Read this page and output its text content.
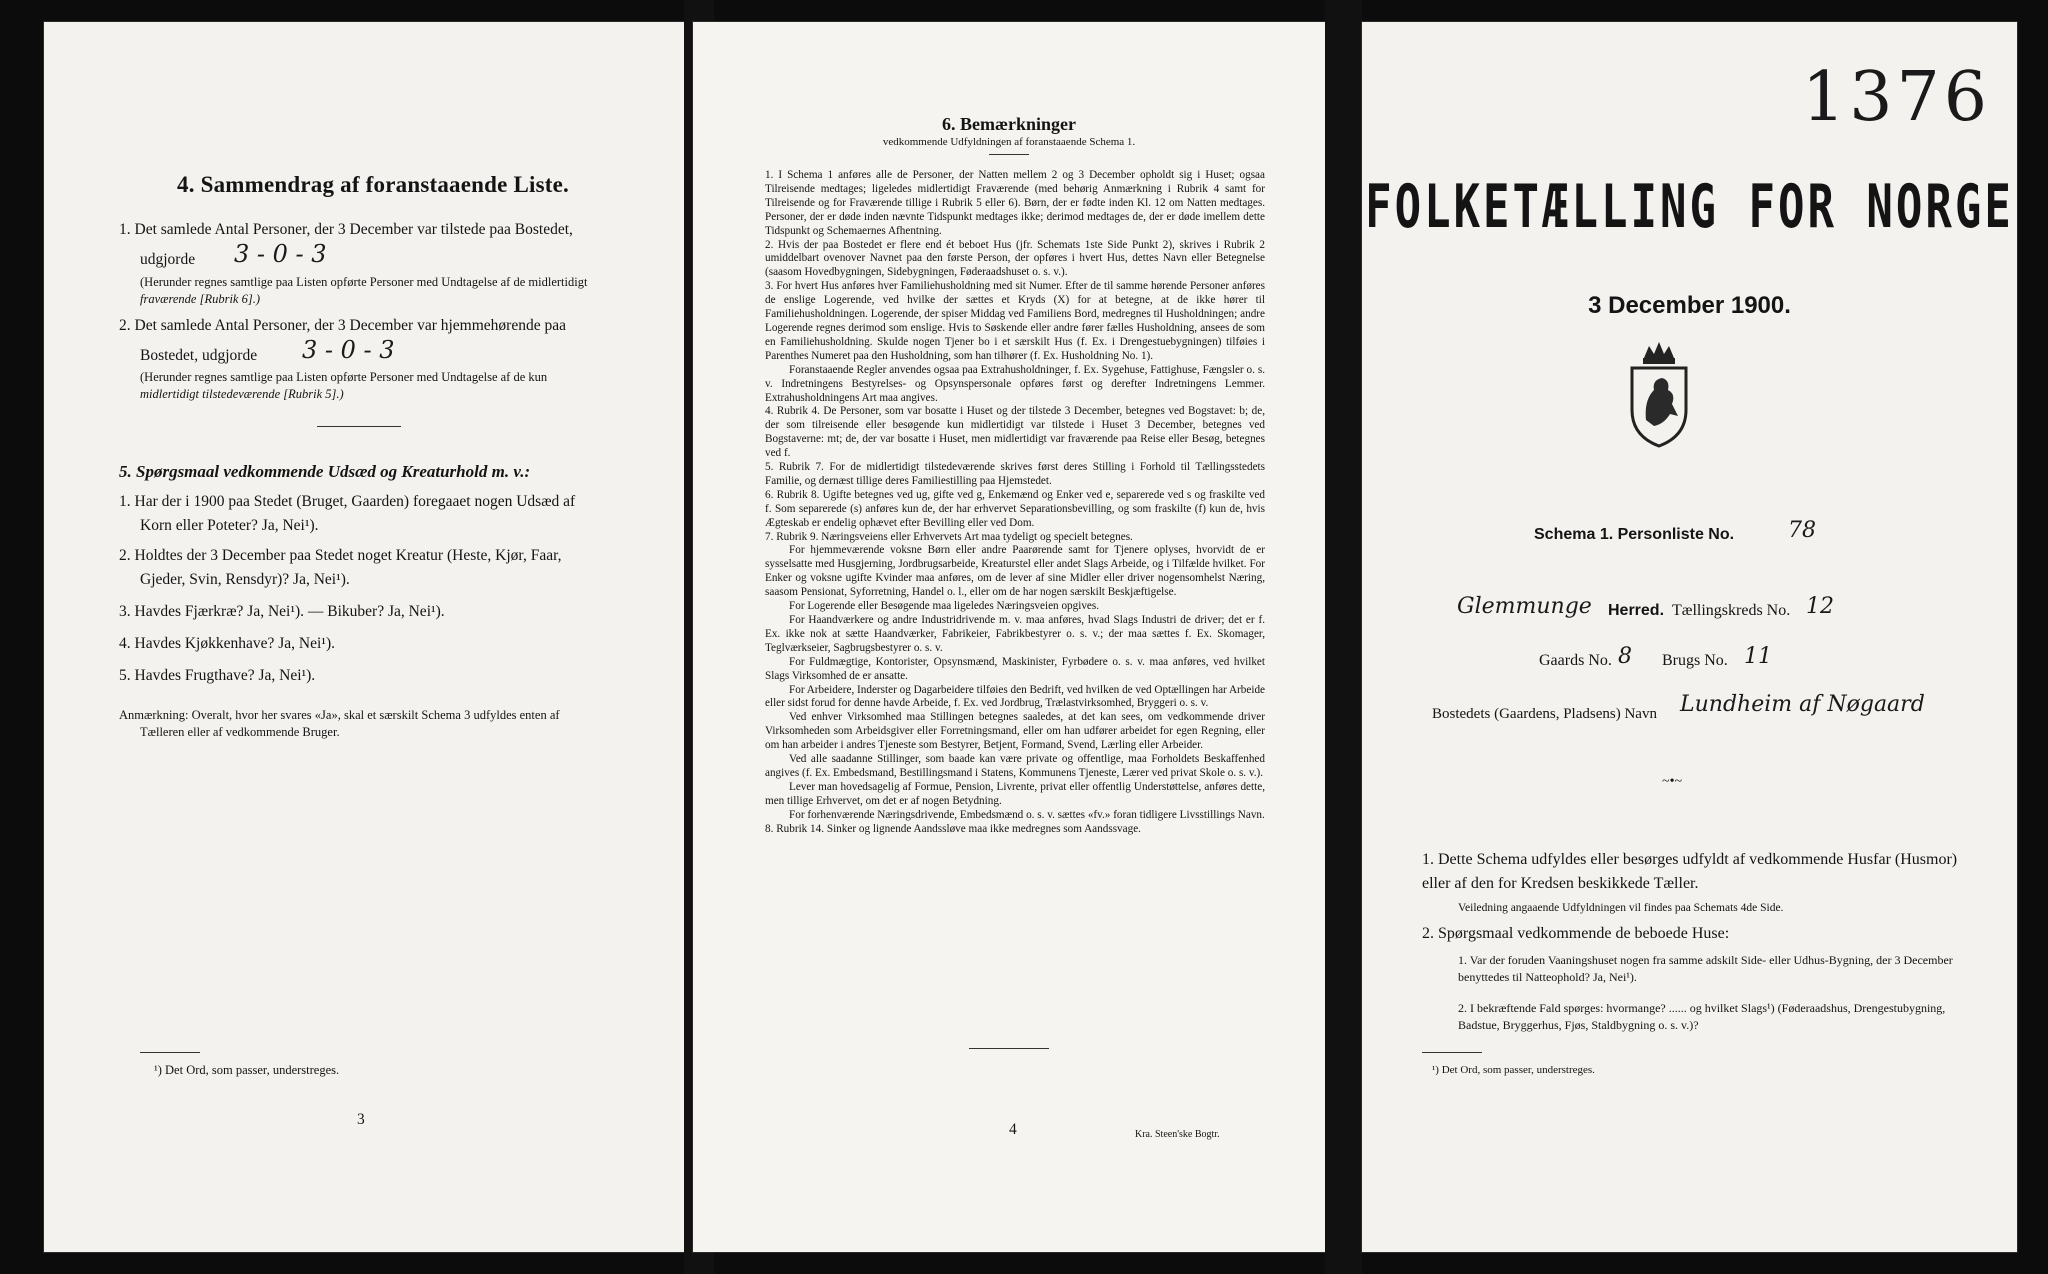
4. Sammendrag af foranstaaende Liste.
1. Det samlede Antal Personer, der 3 December var tilstede paa Bostedet,
udgjorde 3 - 0 - 3
(Herunder regnes samtlige paa Listen opførte Personer med Undtagelse af de midlertidigt
fraværende [Rubrik 6].)
2. Det samlede Antal Personer, der 3 December var hjemmehørende paa
Bostedet, udgjorde 3 - 0 - 3
(Herunder regnes samtlige paa Listen opførte Personer med Undtagelse af de kun
midlertidigt tilstedeværende [Rubrik 5].)
5. Spørgsmaal vedkommende Udsæd og Kreaturhold m. v.:
1. Har der i 1900 paa Stedet (Bruget, Gaarden) foregaaet nogen Udsæd af
Korn eller Poteter? Ja, Nei¹).
2. Holdtes der 3 December paa Stedet noget Kreatur (Heste, Kjør, Faar,
Gjeder, Svin, Rensdyr)? Ja, Nei¹).
3. Havdes Fjærkræ? Ja, Nei¹). — Bikuber? Ja, Nei¹).
4. Havdes Kjøkkenhave? Ja, Nei¹).
5. Havdes Frugthave? Ja, Nei¹).
Anmærkning: Overalt, hvor her svares «Ja», skal et særskilt Schema 3 udfyldes enten af
Tælleren eller af vedkommende Bruger.
¹) Det Ord, som passer, understreges.
3
6. Bemærkninger
vedkommende Udfyldningen af foranstaaende Schema 1.

1. I Schema 1 anføres alle de Personer, der Natten mellem 2 og 3 December opholdt sig i Huset; ogsaa Tilreisende medtages; ligeledes midlertidigt Fraværende (med behørig Anmærkning i Rubrik 4 samt for Tilreisende og for Fraværende tillige i Rubrik 5 eller 6). Børn, der er fødte inden Kl. 12 om Natten medtages. Personer, der er døde inden nævnte Tidspunkt medtages ikke; derimod medtages de, der er døde imellem dette Tidspunkt og Schemaernes Afhentning.

2. Hvis der paa Bostedet er flere end ét beboet Hus (jfr. Schemats 1ste Side Punkt 2), skrives i Rubrik 2 umiddelbart ovenover Navnet paa den første Person, der opføres i hvert Hus, dettes Navn eller Betegnelse (saasom Hovedbygningen, Sidebygningen, Føderaadshuset o. s. v.).

3. For hvert Hus anføres hver Familiehusholdning med sit Numer. Efter de til samme hørende Personer anføres de enslige Logerende, ved hvilke der sættes et Kryds (X) for at betegne, at de ikke hører til Familiehusholdningen. Logerende, der spiser Middag ved Familiens Bord, medregnes til Husholdningen; andre Logerende regnes derimod som enslige. Hvis to Søskende eller andre fører fælles Husholdning, ansees de som en Familiehusholdning. Skulde nogen Tjener bo i et særskilt Hus (f. Ex. i Drengestuebygningen) tilføies i Parenthes Numeret paa den Husholdning, som han tilhører (f. Ex. Husholdning No. 1).

Foranstaaende Regler anvendes ogsaa paa Extrahusholdninger, f. Ex. Sygehuse, Fattighuse, Fængsler o. s. v. Indretningens Bestyrelses- og Opsynspersonale opføres først og derefter Indretningens Lemmer. Extrahusholdningens Art maa angives.

4. Rubrik 4. De Personer, som var bosatte i Huset og der tilstede 3 December, betegnes ved Bogstavet: b; de, der som tilreisende eller besøgende kun midlertidigt var tilstede i Huset 3 December, betegnes ved Bogstaverne: mt; de, der var bosatte i Huset, men midlertidigt var fraværende paa Reise eller Besøg, betegnes ved f.

5. Rubrik 7. For de midlertidigt tilstedeværende skrives først deres Stilling i Forhold til Tællingsstedets Familie, og dernæst tillige deres Familiestilling paa Hjemstedet.

6. Rubrik 8. Ugifte betegnes ved ug, gifte ved g, Enkemænd og Enker ved e, separerede ved s og fraskilte ved f. Som separerede (s) anføres kun de, der har erhvervet Separationsbevilling, og som fraskilte (f) kun de, hvis Ægteskab er endelig ophævet efter Bevilling eller ved Dom.

7. Rubrik 9. Næringsveiens eller Erhvervets Art maa tydeligt og specielt betegnes.

For hjemmeværende voksne Børn eller andre Paarørende samt for Tjenere oplyses, hvorvidt de er sysselsatte med Husgjerning, Jordbrugsarbeide, Kreaturstel eller andet Slags Arbeide, og i Tilfælde hvilket. For Enker og voksne ugifte Kvinder maa anføres, om de lever af sine Midler eller driver nogensomhelst Næring, saasom Pensionat, Syforretning, Handel o. l., eller om de har nogen særskilt Beskjæftigelse.

For Logerende eller Besøgende maa ligeledes Næringsveien opgives.

For Haandværkere og andre Industridrivende m. v. maa anføres, hvad Slags Industri de driver; det er f. Ex. ikke nok at sætte Haandværker, Fabrikeier, Fabrikbestyrer o. s. v.; der maa sættes f. Ex. Skomager, Teglværkseier, Sagbrugsbestyrer o. s. v.

For Fuldmægtige, Kontorister, Opsynsmænd, Maskinister, Fyrbødere o. s. v. maa anføres, ved hvilket Slags Virksomhed de er ansatte.

For Arbeidere, Inderster og Dagarbeidere tilføies den Bedrift, ved hvilken de ved Optællingen har Arbeide eller sidst forud for denne havde Arbeide, f. Ex. ved Jordbrug, Trælastvirksomhed, Bryggeri o. s. v.

Ved enhver Virksomhed maa Stillingen betegnes saaledes, at det kan sees, om vedkommende driver Virksomheden som Arbeidsgiver eller Forretningsmand, eller om han udfører arbeidet for egen Regning, eller om han arbeider i andres Tjeneste som Bestyrer, Betjent, Formand, Svend, Lærling eller Arbeider.

Ved alle saadanne Stillinger, som baade kan være private og offentlige, maa Forholdets Beskaffenhed angives (f. Ex. Embedsmand, Bestillingsmand i Statens, Kommunens Tjeneste, Lærer ved privat Skole o. s. v.).

Lever man hovedsagelig af Formue, Pension, Livrente, privat eller offentlig Understøttelse, anføres dette, men tillige Erhvervet, om det er af nogen Betydning.

For forhenværende Næringsdrivende, Embedsmænd o. s. v. sættes «fv.» foran tidligere Livsstillings Navn.

8. Rubrik 14. Sinker og lignende Aandssløve maa ikke medregnes som Aandssvage.

4	Kra. Steen'ske Bogtr.
1376
FOLKETÆLLING FOR NORGE
3 December 1900.
Schema 1. Personliste No. 78
Glemmunge Herred. Tællingskreds No. 12
Gaards No. 8 Brugs No. 11
Bostedets (Gaardens, Pladsens) Navn Lundheim af Nøgaard
~•~
1. Dette Schema udfyldes eller besørges udfyldt af vedkommende Husfar (Husmor) eller af den for Kredsen beskikkede Tæller.
Veiledning angaaende Udfyldningen vil findes paa Schemats 4de Side.
2. Spørgsmaal vedkommende de beboede Huse:
1. Var der foruden Vaaningshuset nogen fra samme adskilt Side- eller Udhus-Bygning, der 3 December benyttedes til Natteophold? Ja, Nei¹).
2. I bekræftende Fald spørges: hvormange? ...... og hvilket Slags¹) (Føderaadshus, Drengestubygning, Badstue, Bryggerhus, Fjøs, Staldbygning o. s. v.)?
¹) Det Ord, som passer, understreges.
